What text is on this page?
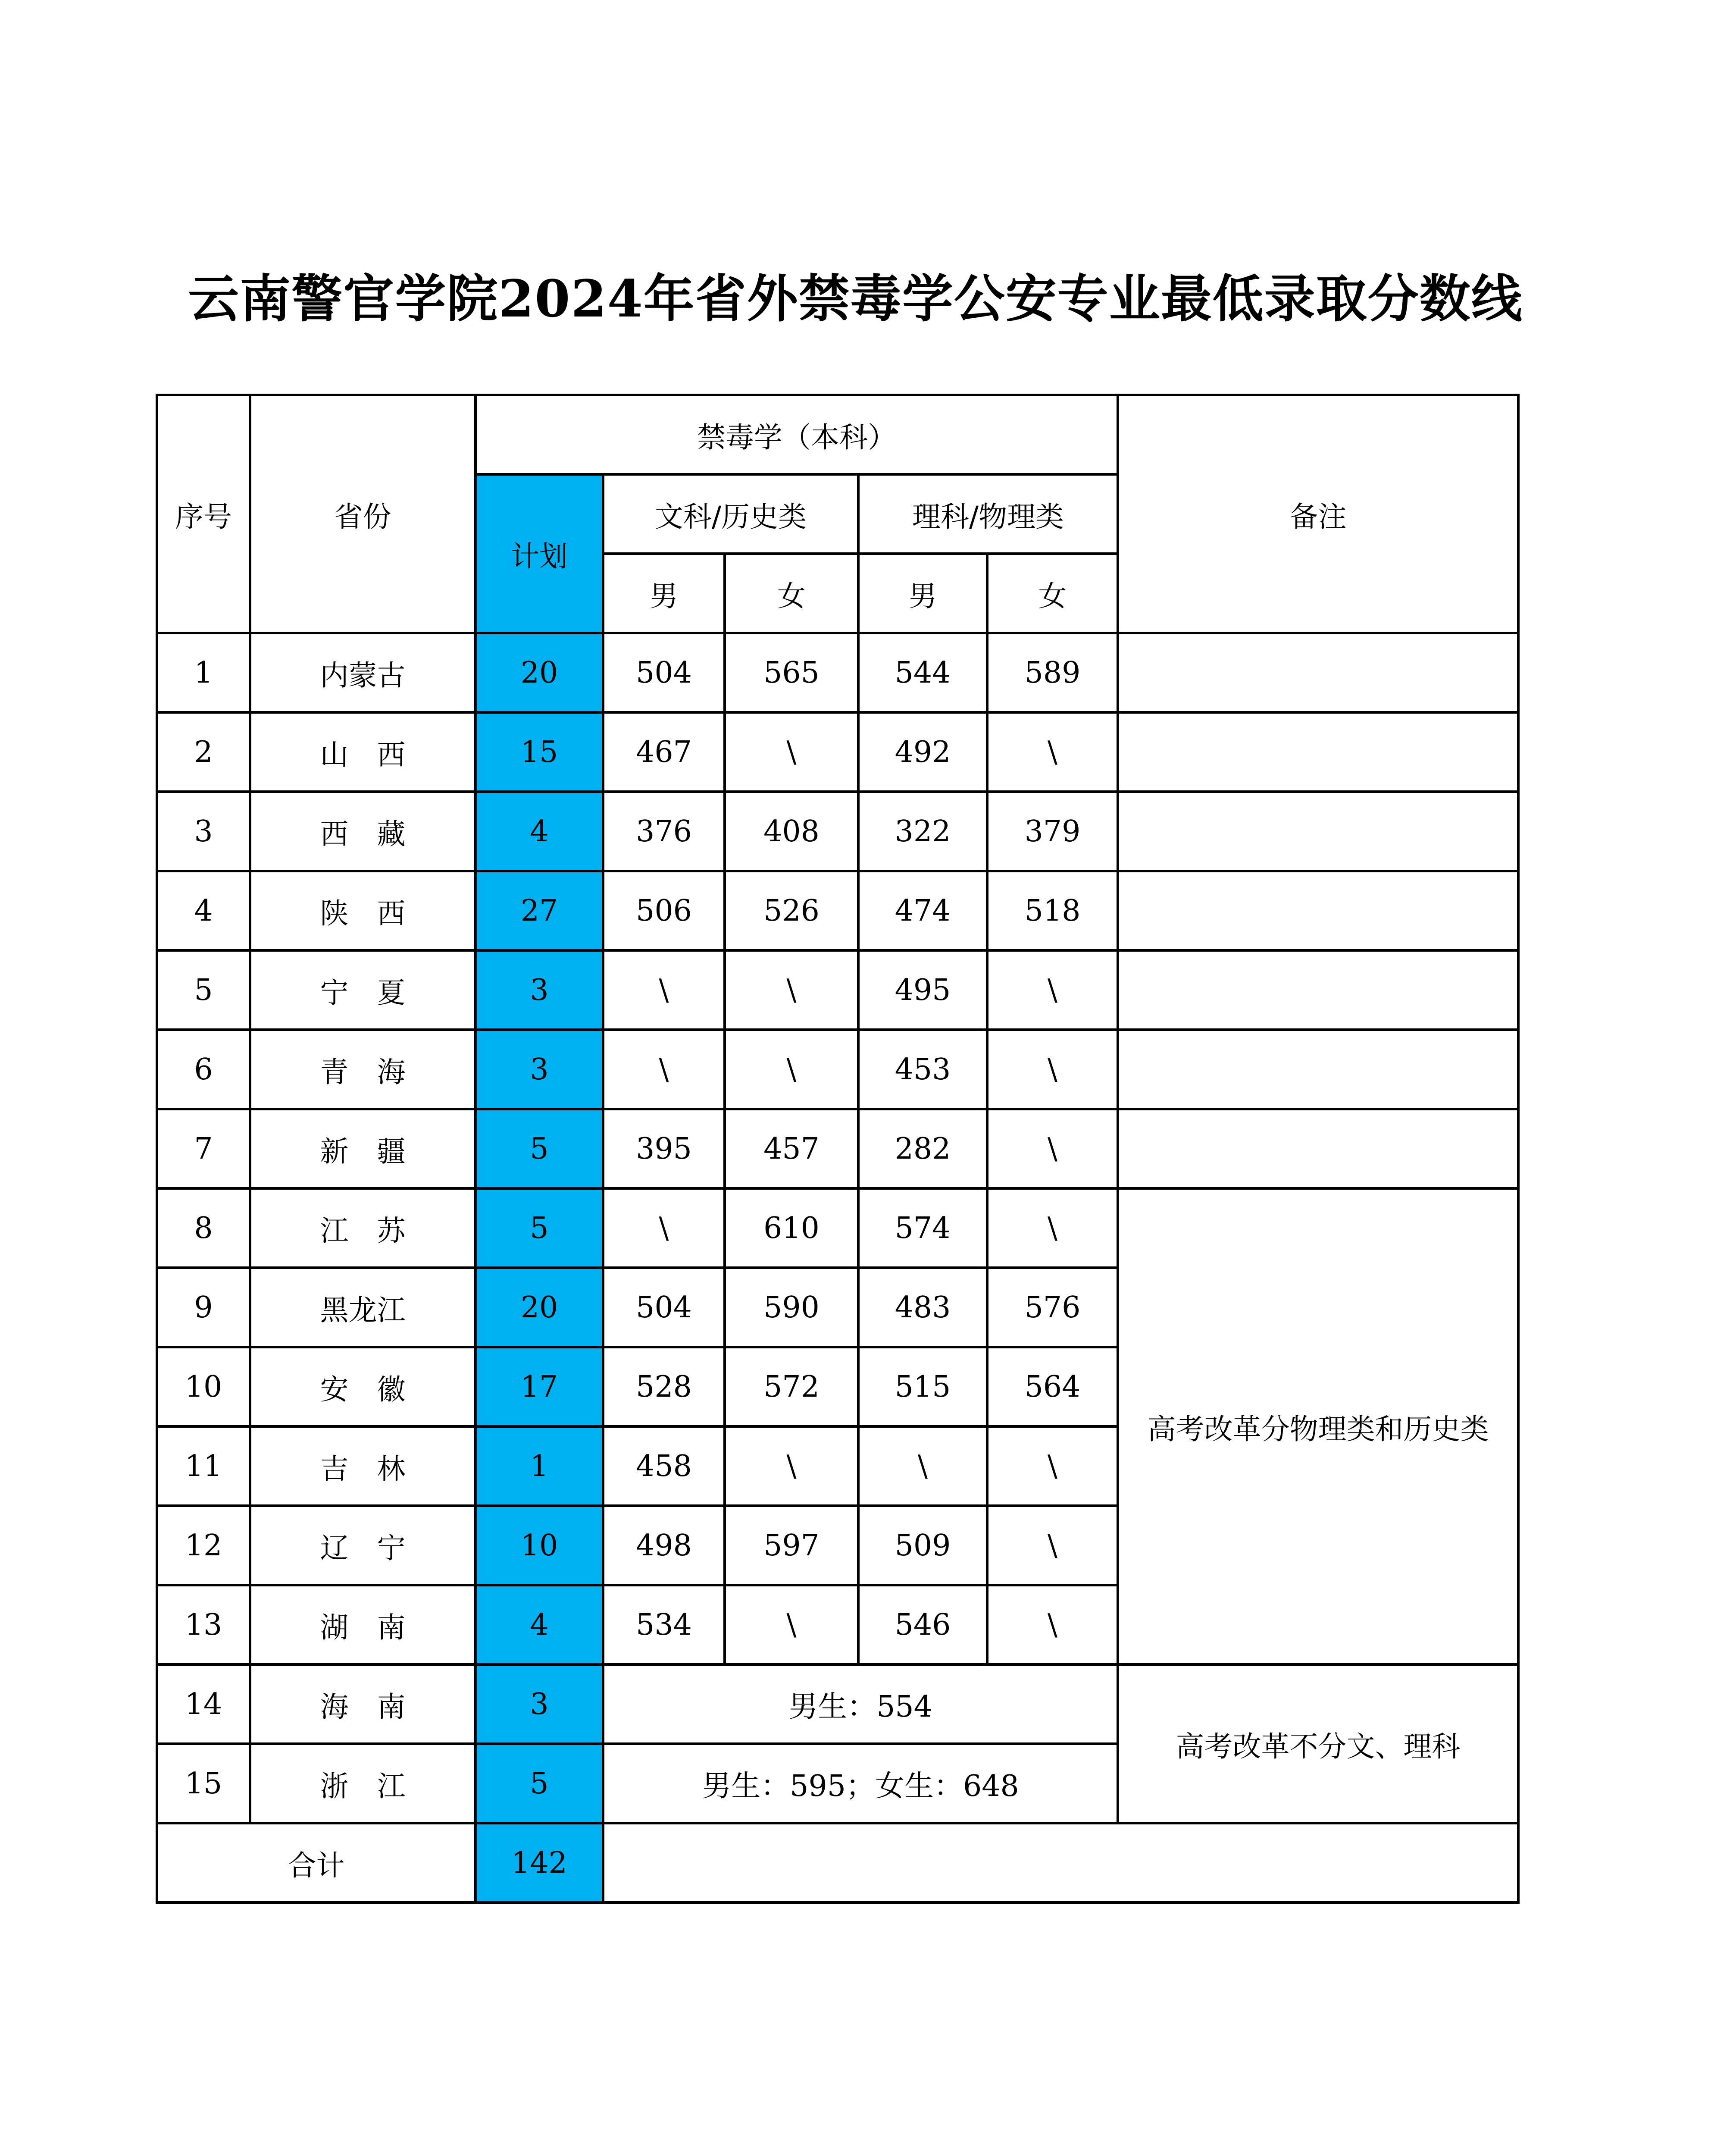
云南警官学院2024年省外禁毒学公安专业最低录取分数线
序号	省份	禁毒学（本科）					备注
		计划	文科/历史类		理科/物理类		
			男	女	男	女	
1	内蒙古	20	504	565	544	589	
2	山　西	15	467	\	492	\	
3	西　藏	4	376	408	322	379	
4	陕　西	27	506	526	474	518	
5	宁　夏	3	\	\	495	\	
6	青　海	3	\	\	453	\	
7	新　疆	5	395	457	282	\	
8	江　苏	5	\	610	574	\	高考改革分物理类和历史类
9	黑龙江	20	504	590	483	576	
10	安　徽	17	528	572	515	564	
11	吉　林	1	458	\	\	\	
12	辽　宁	10	498	597	509	\	
13	湖　南	4	534	\	546	\	
14	海　南	3	男生：554				高考改革不分文、理科
15	浙　江	5	男生：595；女生：648				
合计		142					
